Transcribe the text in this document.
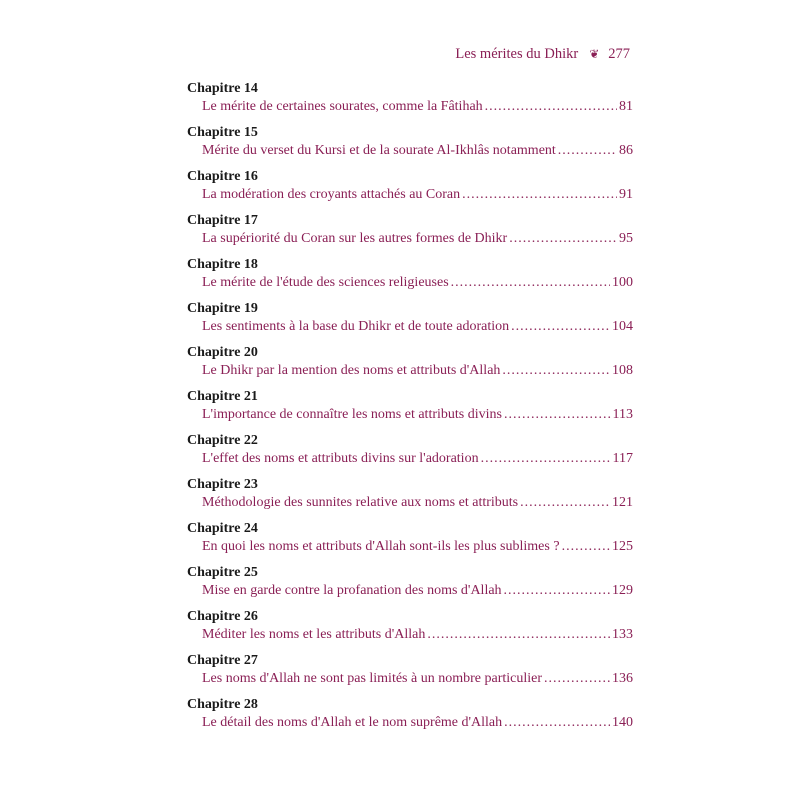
Les mérites du Dhikr ❦ 277
Chapitre 14
Le mérite de certaines sourates, comme la Fâtihah .....	81
Chapitre 15
Mérite du verset du Kursi et de la sourate Al-Ikhlâs notamment .....	86
Chapitre 16
La modération des croyants attachés au Coran .....	91
Chapitre 17
La supériorité du Coran sur les autres formes de Dhikr .....	95
Chapitre 18
Le mérite de l'étude des sciences religieuses .....	100
Chapitre 19
Les sentiments à la base du Dhikr et de toute adoration .....	104
Chapitre 20
Le Dhikr par la mention des noms et attributs d'Allah .....	108
Chapitre 21
L'importance de connaître les noms et attributs divins .....	113
Chapitre 22
L'effet des noms et attributs divins sur l'adoration .....	117
Chapitre 23
Méthodologie des sunnites relative aux noms et attributs .....	121
Chapitre 24
En quoi les noms et attributs d'Allah sont-ils les plus sublimes ? .....	125
Chapitre 25
Mise en garde contre la profanation des noms d'Allah .....	129
Chapitre 26
Méditer les noms et les attributs d'Allah .....	133
Chapitre 27
Les noms d'Allah ne sont pas limités à un nombre particulier .....	136
Chapitre 28
Le détail des noms d'Allah et le nom suprême d'Allah .....	140
